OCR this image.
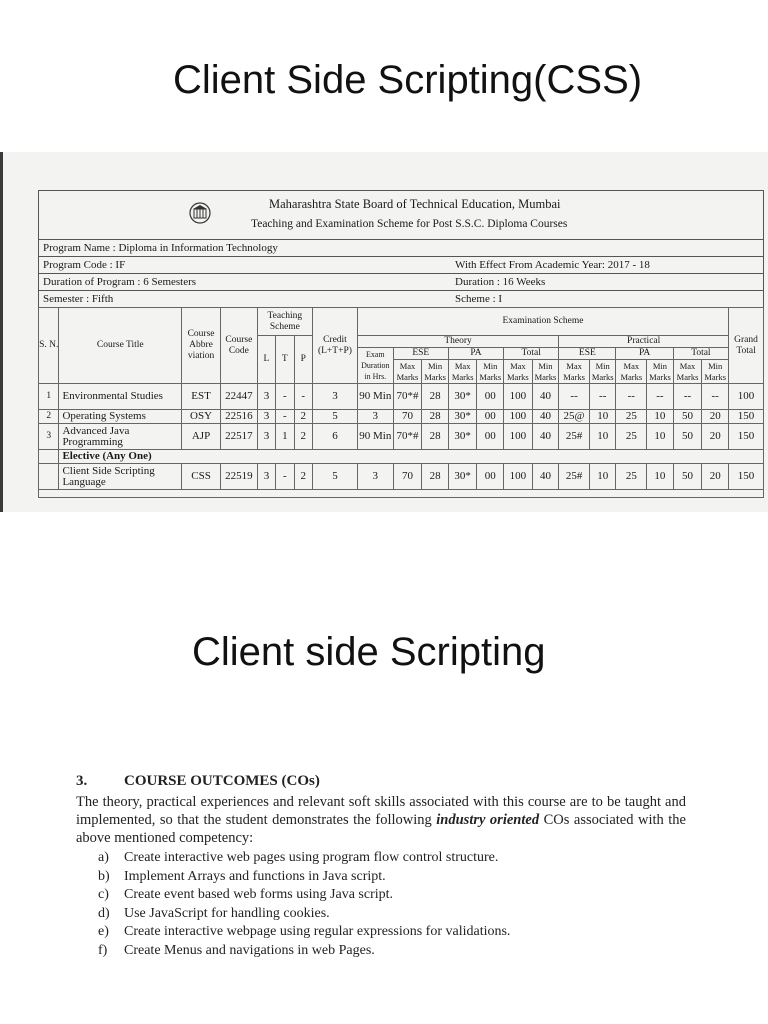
Client Side Scripting(CSS)
Maharashtra State Board of Technical Education, Mumbai
Teaching and Examination Scheme for Post S.S.C. Diploma Courses
Program Name : Diploma in Information Technology
Program Code : IF	With Effect From Academic Year: 2017 - 18
Duration of Program : 6 Semesters	Duration : 16 Weeks
Semester : Fifth	Scheme : I
S. N.	Course Title	Course Abbre viation	Course Code	Teaching Scheme			Credit (L+T+P)	Examination Scheme													Grand Total
				L	T	P		Theory							Practical						
								Exam Duration in Hrs.	ESE		PA		Total		ESE		PA		Total		
									Max Marks	Min Marks	Max Marks	Min Marks	Max Marks	Min Marks	Max Marks	Min Marks	Max Marks	Min Marks	Max Marks	Min Marks	
1	Environmental Studies	EST	22447	3	-	-	3	90 Min	70*#	28	30*	00	100	40	--	--	--	--	--	--	100
2	Operating Systems	OSY	22516	3	-	2	5	3	70	28	30*	00	100	40	25@	10	25	10	50	20	150
3	Advanced Java Programming	AJP	22517	3	1	2	6	90 Min	70*#	28	30*	00	100	40	25#	10	25	10	50	20	150
	Elective (Any One)																				
	Client Side Scripting Language	CSS	22519	3	-	2	5	3	70	28	30*	00	100	40	25#	10	25	10	50	20	150

Client side Scripting
3. COURSE OUTCOMES (COs)
The theory, practical experiences and relevant soft skills associated with this course are to be taught and implemented, so that the student demonstrates the following industry oriented COs associated with the above mentioned competency:
a) Create interactive web pages using program flow control structure.
b) Implement Arrays and functions in Java script.
c) Create event based web forms using Java script.
d) Use JavaScript for handling cookies.
e) Create interactive webpage using regular expressions for validations.
f) Create Menus and navigations in web Pages.
